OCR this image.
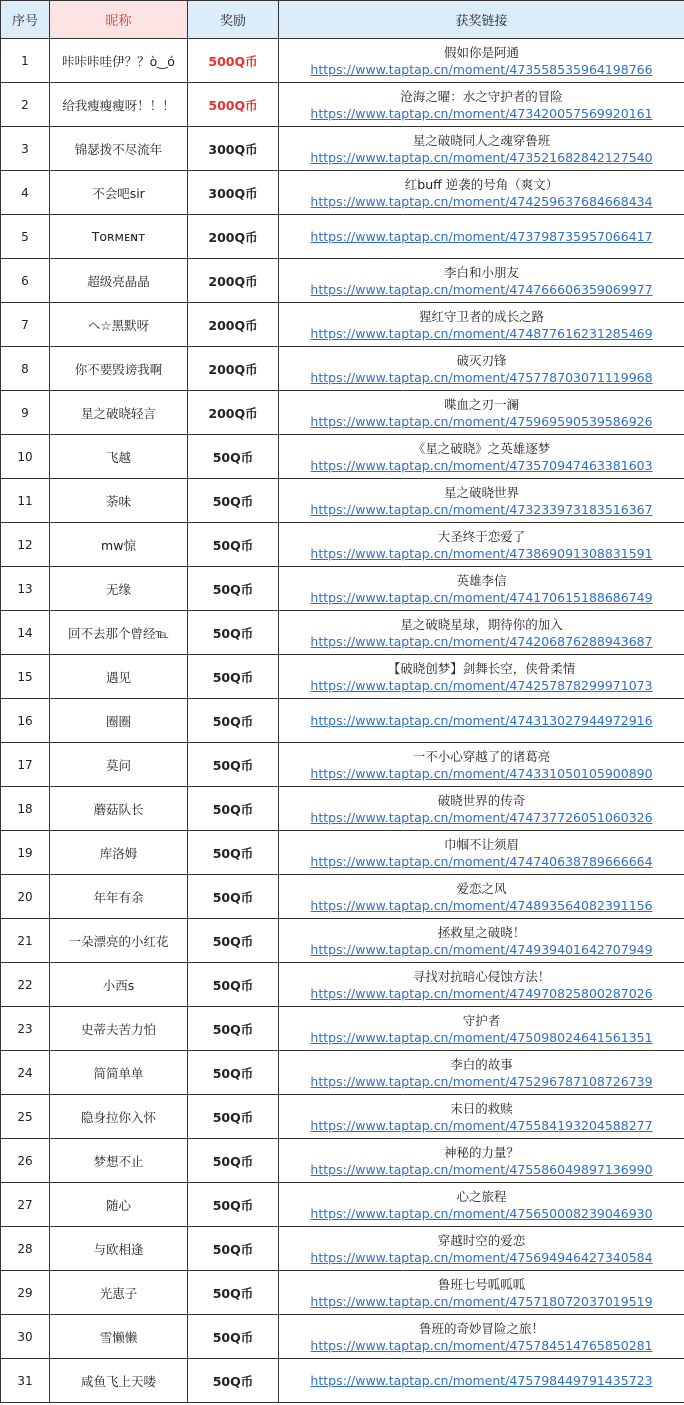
序号	昵称	奖励	获奖链接
1	咔咔咔哇伊？？ò‿ó	500Q币	假如你是阿通
https://www.taptap.cn/moment/473558535964198766

2	给我瘦瘦瘦呀！！！	500Q币	沧海之曜：水之守护者的冒险
https://www.taptap.cn/moment/473420057569920161

3	锦瑟拨不尽流年	300Q币	星之破晓同人之魂穿鲁班
https://www.taptap.cn/moment/473521682842127540

4	不会吧sir	300Q币	红buff 逆袭的号角（爽文）
https://www.taptap.cn/moment/474259637684668434

5	Tᴏʀᴍᴇɴᴛ	200Q币	https://www.taptap.cn/moment/473798735957066417

6	超级亮晶晶	200Q币	李白和小朋友
https://www.taptap.cn/moment/474766606359069977

7	ヘ☆黑默呀	200Q币	猩红守卫者的成长之路
https://www.taptap.cn/moment/474877616231285469

8	你不要毁谤我啊	200Q币	破灭刃锋
https://www.taptap.cn/moment/475778703071119968

9	星之破晓轻言	200Q币	喋血之刃一澜
https://www.taptap.cn/moment/475969590539586926

10	飞越	50Q币	《星之破晓》之英雄逐梦
https://www.taptap.cn/moment/473570947463381603

11	荼味	50Q币	星之破晓世界
https://www.taptap.cn/moment/473233973183516367

12	mw惊	50Q币	大圣终于恋爱了
https://www.taptap.cn/moment/473869091308831591

13	无缘	50Q币	英雄李信
https://www.taptap.cn/moment/474170615188686749

14	回不去那个曾经℡	50Q币	星之破晓星球，期待你的加入
https://www.taptap.cn/moment/474206876288943687

15	遇见	50Q币	【破晓创梦】剑舞长空，侠骨柔情
https://www.taptap.cn/moment/474257878299971073

16	圈圈	50Q币	https://www.taptap.cn/moment/474313027944972916

17	莫问	50Q币	一不小心穿越了的诸葛亮
https://www.taptap.cn/moment/474331050105900890

18	蘑菇队长	50Q币	破晓世界的传奇
https://www.taptap.cn/moment/474737726051060326

19	库洛姆	50Q币	巾帼不让须眉
https://www.taptap.cn/moment/474740638789666664

20	年年有余	50Q币	爱恋之风
https://www.taptap.cn/moment/474893564082391156

21	一朵漂亮的小红花	50Q币	拯救星之破晓！
https://www.taptap.cn/moment/474939401642707949

22	小西s	50Q币	寻找对抗暗心侵蚀方法！
https://www.taptap.cn/moment/474970825800287026

23	史蒂夫苦力怕	50Q币	守护者
https://www.taptap.cn/moment/475098024641561351

24	简简单单	50Q币	李白的故事
https://www.taptap.cn/moment/475296787108726739

25	隐身拉你入怀	50Q币	末日的救赎
https://www.taptap.cn/moment/475584193204588277

26	梦想不止	50Q币	神秘的力量？
https://www.taptap.cn/moment/475586049897136990

27	随心	50Q币	心之旅程
https://www.taptap.cn/moment/475650008239046930

28	与欧相逢	50Q币	穿越时空的爱恋
https://www.taptap.cn/moment/475694946427340584

29	光恵子	50Q币	鲁班七号呱呱呱
https://www.taptap.cn/moment/475718072037019519

30	雪懒懒	50Q币	鲁班的奇妙冒险之旅！
https://www.taptap.cn/moment/475784514765850281

31	咸鱼飞上天喽	50Q币	https://www.taptap.cn/moment/475798449791435723
